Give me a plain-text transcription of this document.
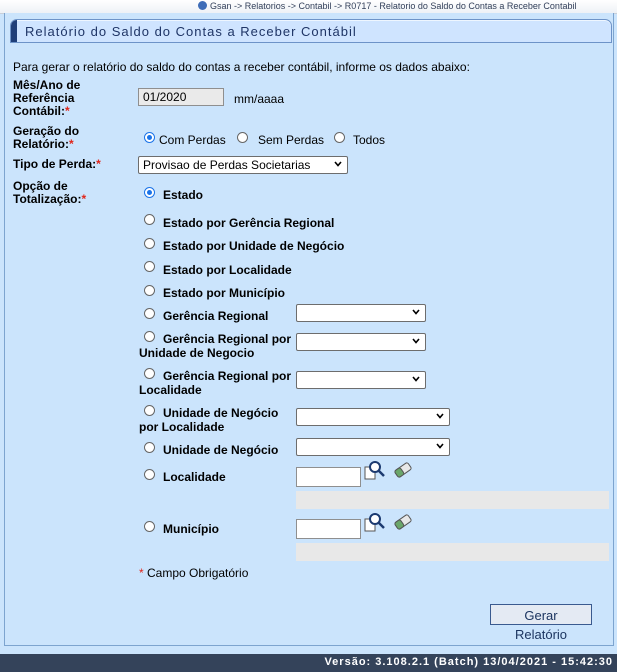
Gsan -> Relatorios -> Contabil -> R0717 - Relatorio do Saldo do Contas a Receber Contabil
Relatório do Saldo do Contas a Receber Contábil
Para gerar o relatório do saldo do contas a receber contábil, informe os dados abaixo:
Mês/Ano de
Referência
Contábil:*
01/2020
mm/aaaa
Geração do
Relatório:*	Com Perdas	Sem Perdas Todos
Tipo de Perda:*	Provisao de Perdas Societarias
Opção de
Totalização:*	Estado
Estado por Gerência Regional
Estado por Unidade de Negócio
Estado por Localidade
Estado por Município
Gerência Regional
Gerência Regional por
Unidade de Negocio
Gerência Regional por
Localidade
Unidade de Negócio
por Localidade
Unidade de Negócio
Localidade
Município
* Campo Obrigatório
Gerar Relatório
Versão: 3.108.2.1 (Batch) 13/04/2021 - 15:42:30
